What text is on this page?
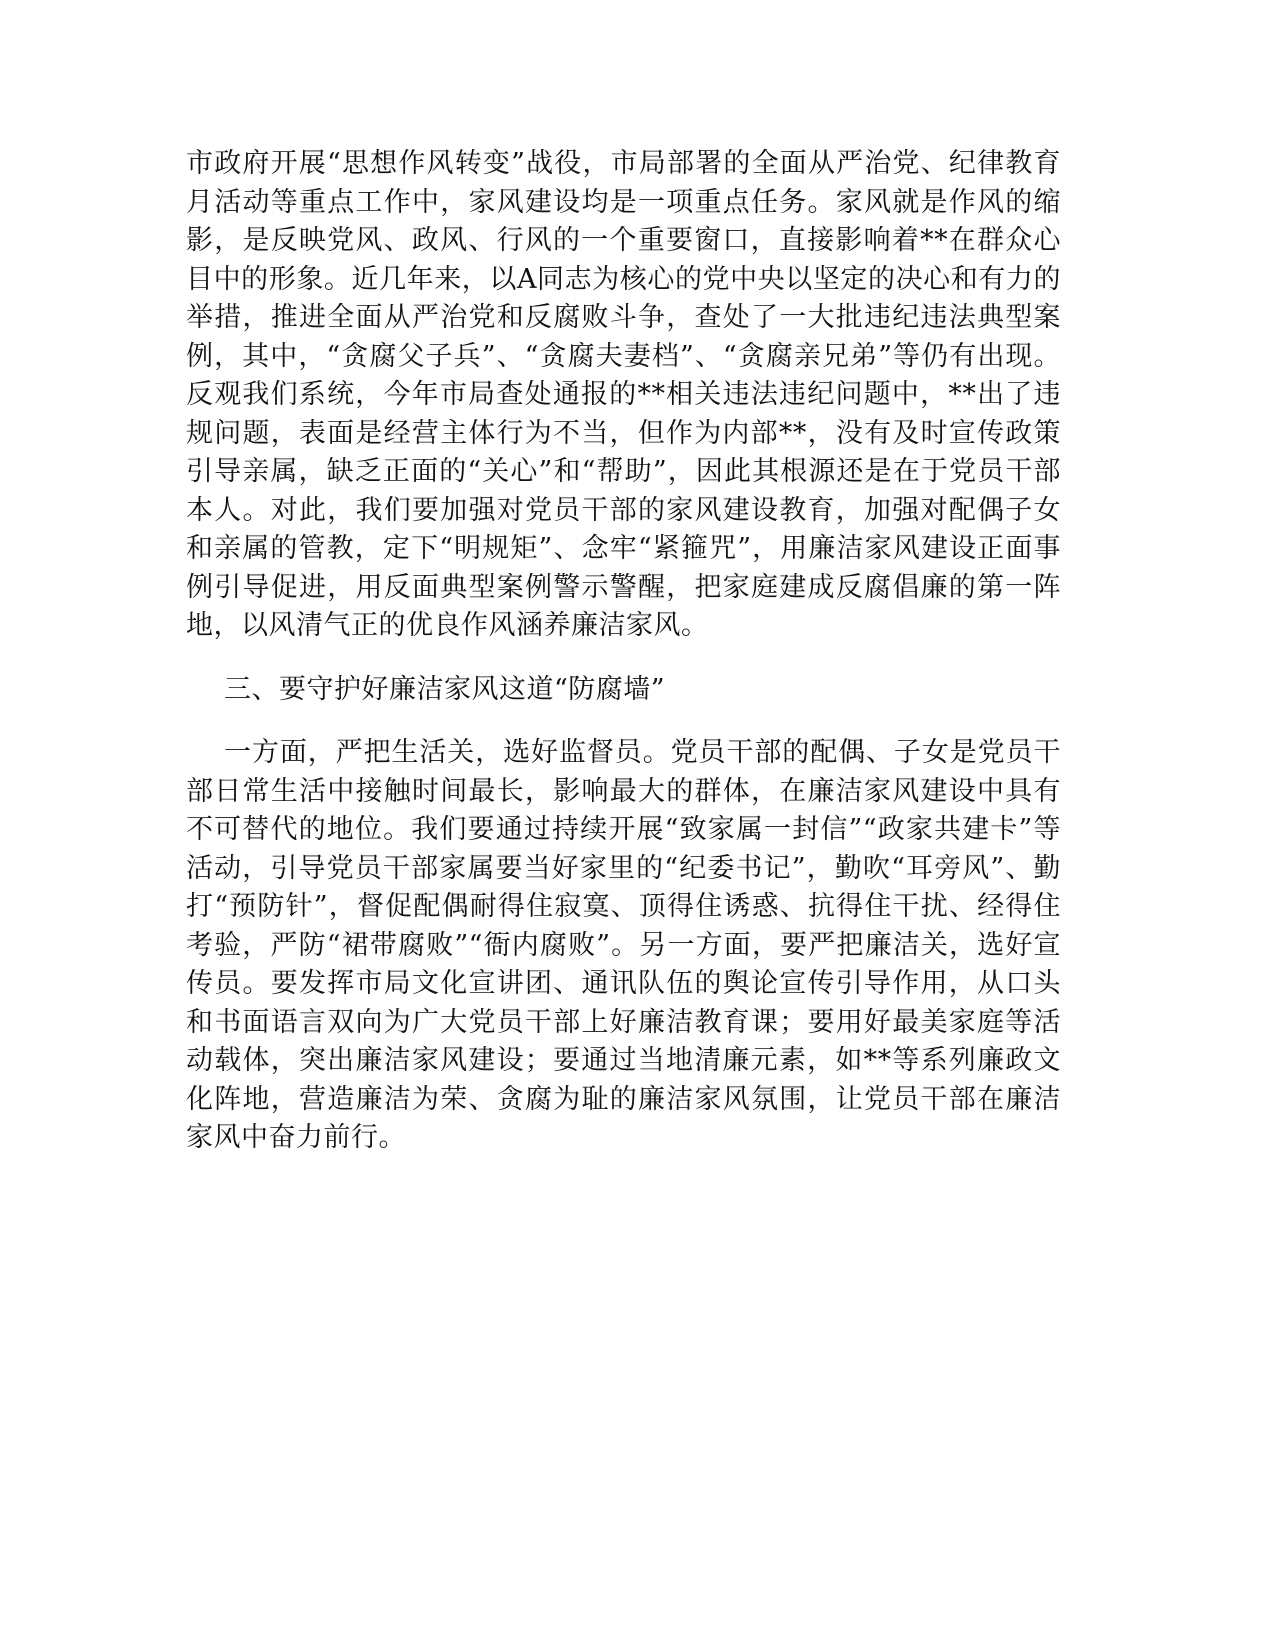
市政府开展“思想作风转变”战役，市局部署的全面从严治党、纪律教育月活动等重点工作中，家风建设均是一项重点任务。家风就是作风的缩影，是反映党风、政风、行风的一个重要窗口，直接影响着**在群众心目中的形象。近几年来，以A同志为核心的党中央以坚定的决心和有力的举措，推进全面从严治党和反腐败斗争，查处了一大批违纪违法典型案例，其中，“贪腐父子兵”、“贪腐夫妻档”、“贪腐亲兄弟”等仍有出现。反观我们系统，今年市局查处通报的**相关违法违纪问题中，**出了违规问题，表面是经营主体行为不当，但作为内部**，没有及时宣传政策引导亲属，缺乏正面的“关心”和“帮助”，因此其根源还是在于党员干部本人。对此，我们要加强对党员干部的家风建设教育，加强对配偶子女和亲属的管教，定下“明规矩”、念牢“紧箍咒”，用廉洁家风建设正面事例引导促进，用反面典型案例警示警醒，把家庭建成反腐倡廉的第一阵地，以风清气正的优良作风涵养廉洁家风。

三、要守护好廉洁家风这道“防腐墙”

一方面，严把生活关，选好监督员。党员干部的配偶、子女是党员干部日常生活中接触时间最长，影响最大的群体，在廉洁家风建设中具有不可替代的地位。我们要通过持续开展“致家属一封信”“政家共建卡”等活动，引导党员干部家属要当好家里的“纪委书记”，勤吹“耳旁风”、勤打“预防针”，督促配偶耐得住寂寞、顶得住诱惑、抗得住干扰、经得住考验，严防“裙带腐败”“衙内腐败”。另一方面，要严把廉洁关，选好宣传员。要发挥市局文化宣讲团、通讯队伍的舆论宣传引导作用，从口头和书面语言双向为广大党员干部上好廉洁教育课；要用好最美家庭等活动载体，突出廉洁家风建设；要通过当地清廉元素，如**等系列廉政文化阵地，营造廉洁为荣、贪腐为耻的廉洁家风氛围，让党员干部在廉洁家风中奋力前行。
